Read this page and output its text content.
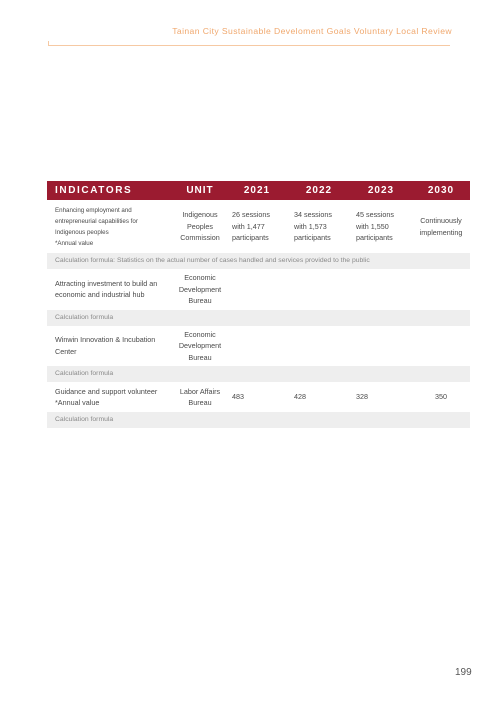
Tainan City Sustainable Develoment Goals Voluntary Local Review
INDICATORS	UNIT	2021	2022	2023	2030
Enhancing employment and
entrepreneurial capabilities for
Indigenous peoples
*Annual value	Indigenous
Peoples
Commission	26 sessions
with 1,477
participants	34 sessions
with 1,573
participants	45 sessions
with 1,550
participants	Continuously
implementing
Calculation formula: Statistics on the actual number of cases handled and services provided to the public					
Attracting investment to build an
economic and industrial hub	Economic
Development
Bureau				
Calculation formula					
Winwin Innovation & Incubation
Center	Economic
Development
Bureau				
Calculation formula					
Guidance and support volunteer
*Annual value	Labor Affairs
Bureau	483	428	328	350
Calculation formula					
199
